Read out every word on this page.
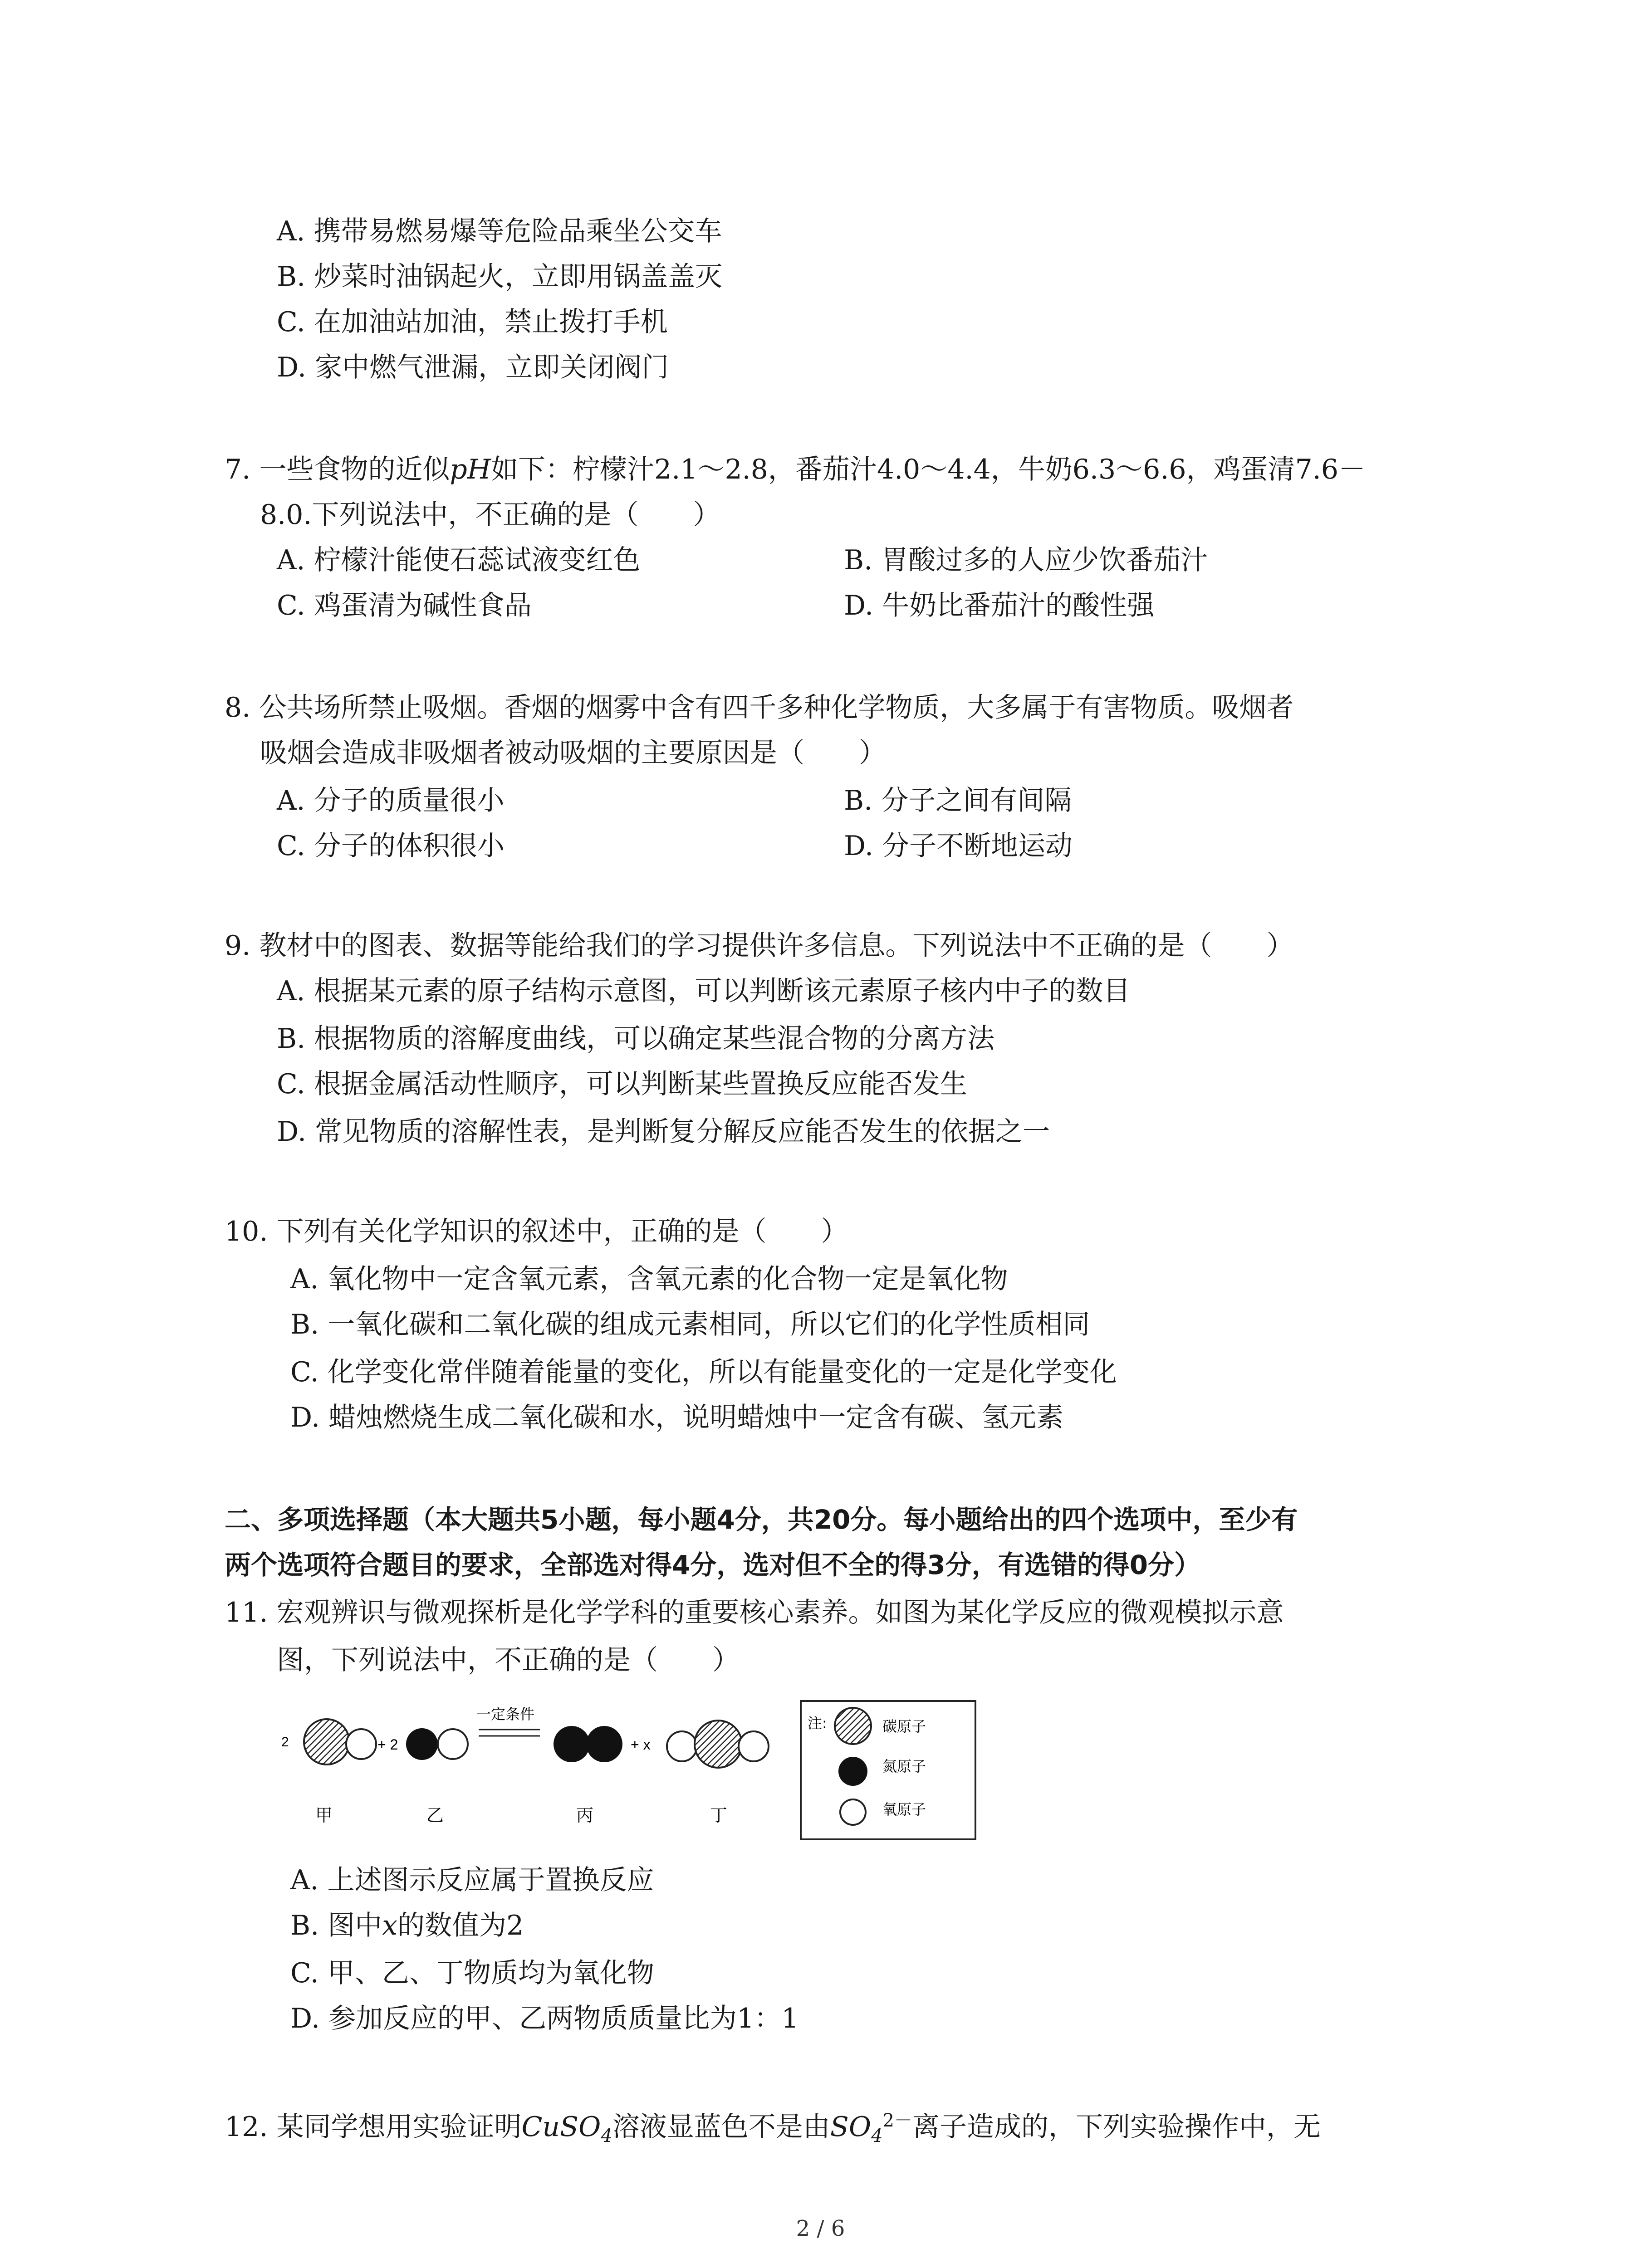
A. 携带易燃易爆等危险品乘坐公交车
B. 炒菜时油锅起火，立即用锅盖盖灭
C. 在加油站加油，禁止拨打手机
D. 家中燃气泄漏，立即关闭阀门
7. 一些食物的近似pH如下：柠檬汁2.1～2.8，番茄汁4.0～4.4，牛奶6.3～6.6，鸡蛋清7.6－
8.0.下列说法中，不正确的是（　　）
A. 柠檬汁能使石蕊试液变红色	B. 胃酸过多的人应少饮番茄汁
C. 鸡蛋清为碱性食品	D. 牛奶比番茄汁的酸性强
8. 公共场所禁止吸烟。香烟的烟雾中含有四千多种化学物质，大多属于有害物质。吸烟者
吸烟会造成非吸烟者被动吸烟的主要原因是（　　）
A. 分子的质量很小	B. 分子之间有间隔
C. 分子的体积很小	D. 分子不断地运动
9. 教材中的图表、数据等能给我们的学习提供许多信息。下列说法中不正确的是（　　）
A. 根据某元素的原子结构示意图，可以判断该元素原子核内中子的数目
B. 根据物质的溶解度曲线，可以确定某些混合物的分离方法
C. 根据金属活动性顺序，可以判断某些置换反应能否发生
D. 常见物质的溶解性表，是判断复分解反应能否发生的依据之一
10. 下列有关化学知识的叙述中，正确的是（　　）
A. 氧化物中一定含氧元素，含氧元素的化合物一定是氧化物
B. 一氧化碳和二氧化碳的组成元素相同，所以它们的化学性质相同
C. 化学变化常伴随着能量的变化，所以有能量变化的一定是化学变化
D. 蜡烛燃烧生成二氧化碳和水，说明蜡烛中一定含有碳、氢元素
二、多项选择题（本大题共5小题，每小题4分，共20分。每小题给出的四个选项中，至少有
两个选项符合题目的要求，全部选对得4分，选对但不全的得3分，有选错的得0分）
11. 宏观辨识与微观探析是化学学科的重要核心素养。如图为某化学反应的微观模拟示意
图，下列说法中，不正确的是（　　）
2	+ 2
一定条件
+ x
甲	乙	丙	丁
注:	碳原子
氮原子
氧原子
A. 上述图示反应属于置换反应
B. 图中x的数值为2
C. 甲、乙、丁物质均为氧化物
D. 参加反应的甲、乙两物质质量比为1：1
12. 某同学想用实验证明CuSO$_4$溶液显蓝色不是由$SO_4^{2-}$离子造成的，下列实验操作中，无
2 / 6
